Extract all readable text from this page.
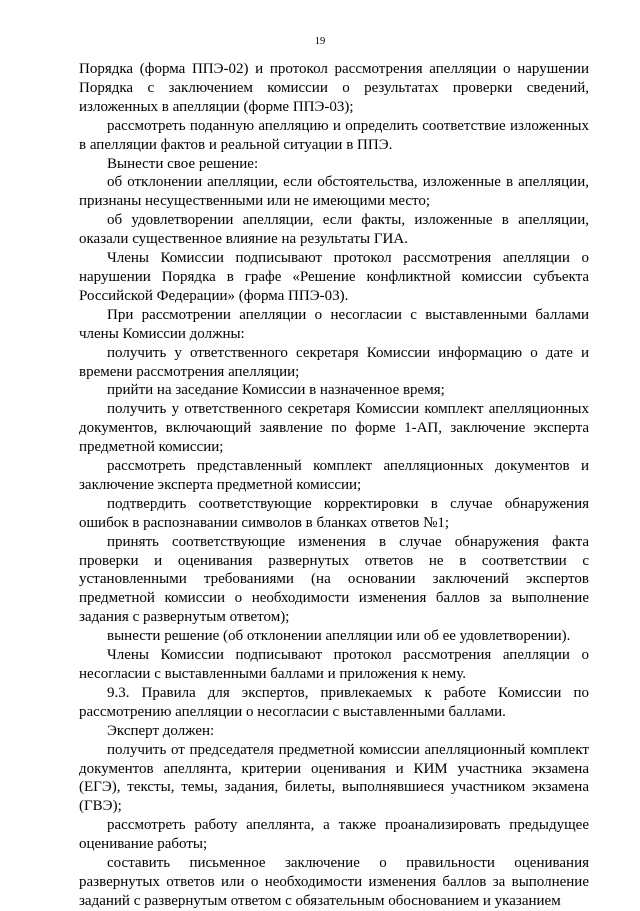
19

Порядка (форма ППЭ-02) и протокол рассмотрения апелляции о нарушении Порядка с заключением комиссии о результатах проверки сведений, изложенных в апелляции (форме ППЭ-03);

рассмотреть поданную апелляцию и определить соответствие изложенных в апелляции фактов и реальной ситуации в ППЭ.

Вынести свое решение:

об отклонении апелляции, если обстоятельства, изложенные в апелляции, признаны несущественными или не имеющими место;

об удовлетворении апелляции, если факты, изложенные в апелляции, оказали существенное влияние на результаты ГИА.

Члены Комиссии подписывают протокол рассмотрения апелляции о нарушении Порядка в графе «Решение конфликтной комиссии субъекта Российской Федерации» (форма ППЭ-03).

При рассмотрении апелляции о несогласии с выставленными баллами члены Комиссии должны:

получить у ответственного секретаря Комиссии информацию о дате и времени рассмотрения апелляции;

прийти на заседание Комиссии в назначенное время;

получить у ответственного секретаря Комиссии комплект апелляционных документов, включающий заявление по форме 1-АП, заключение эксперта предметной комиссии;

рассмотреть представленный комплект апелляционных документов и заключение эксперта предметной комиссии;

подтвердить соответствующие корректировки в случае обнаружения ошибок в распознавании символов в бланках ответов №1;

принять соответствующие изменения в случае обнаружения факта проверки и оценивания развернутых ответов не в соответствии с установленными требованиями (на основании заключений экспертов предметной комиссии о необходимости изменения баллов за выполнение задания с развернутым ответом);

вынести решение (об отклонении апелляции или об ее удовлетворении).

Члены Комиссии подписывают протокол рассмотрения апелляции о несогласии с выставленными баллами и приложения к нему.

9.3. Правила для экспертов, привлекаемых к работе Комиссии по рассмотрению апелляции о несогласии с выставленными баллами.

Эксперт должен:

получить от председателя предметной комиссии апелляционный комплект документов апеллянта, критерии оценивания и КИМ участника экзамена (ЕГЭ), тексты, темы, задания, билеты, выполнявшиеся участником экзамена (ГВЭ);

рассмотреть работу апеллянта, а также проанализировать предыдущее оценивание работы;

составить письменное заключение о правильности оценивания развернутых ответов или о необходимости изменения баллов за выполнение заданий с развернутым ответом с обязательным обоснованием и указанием
